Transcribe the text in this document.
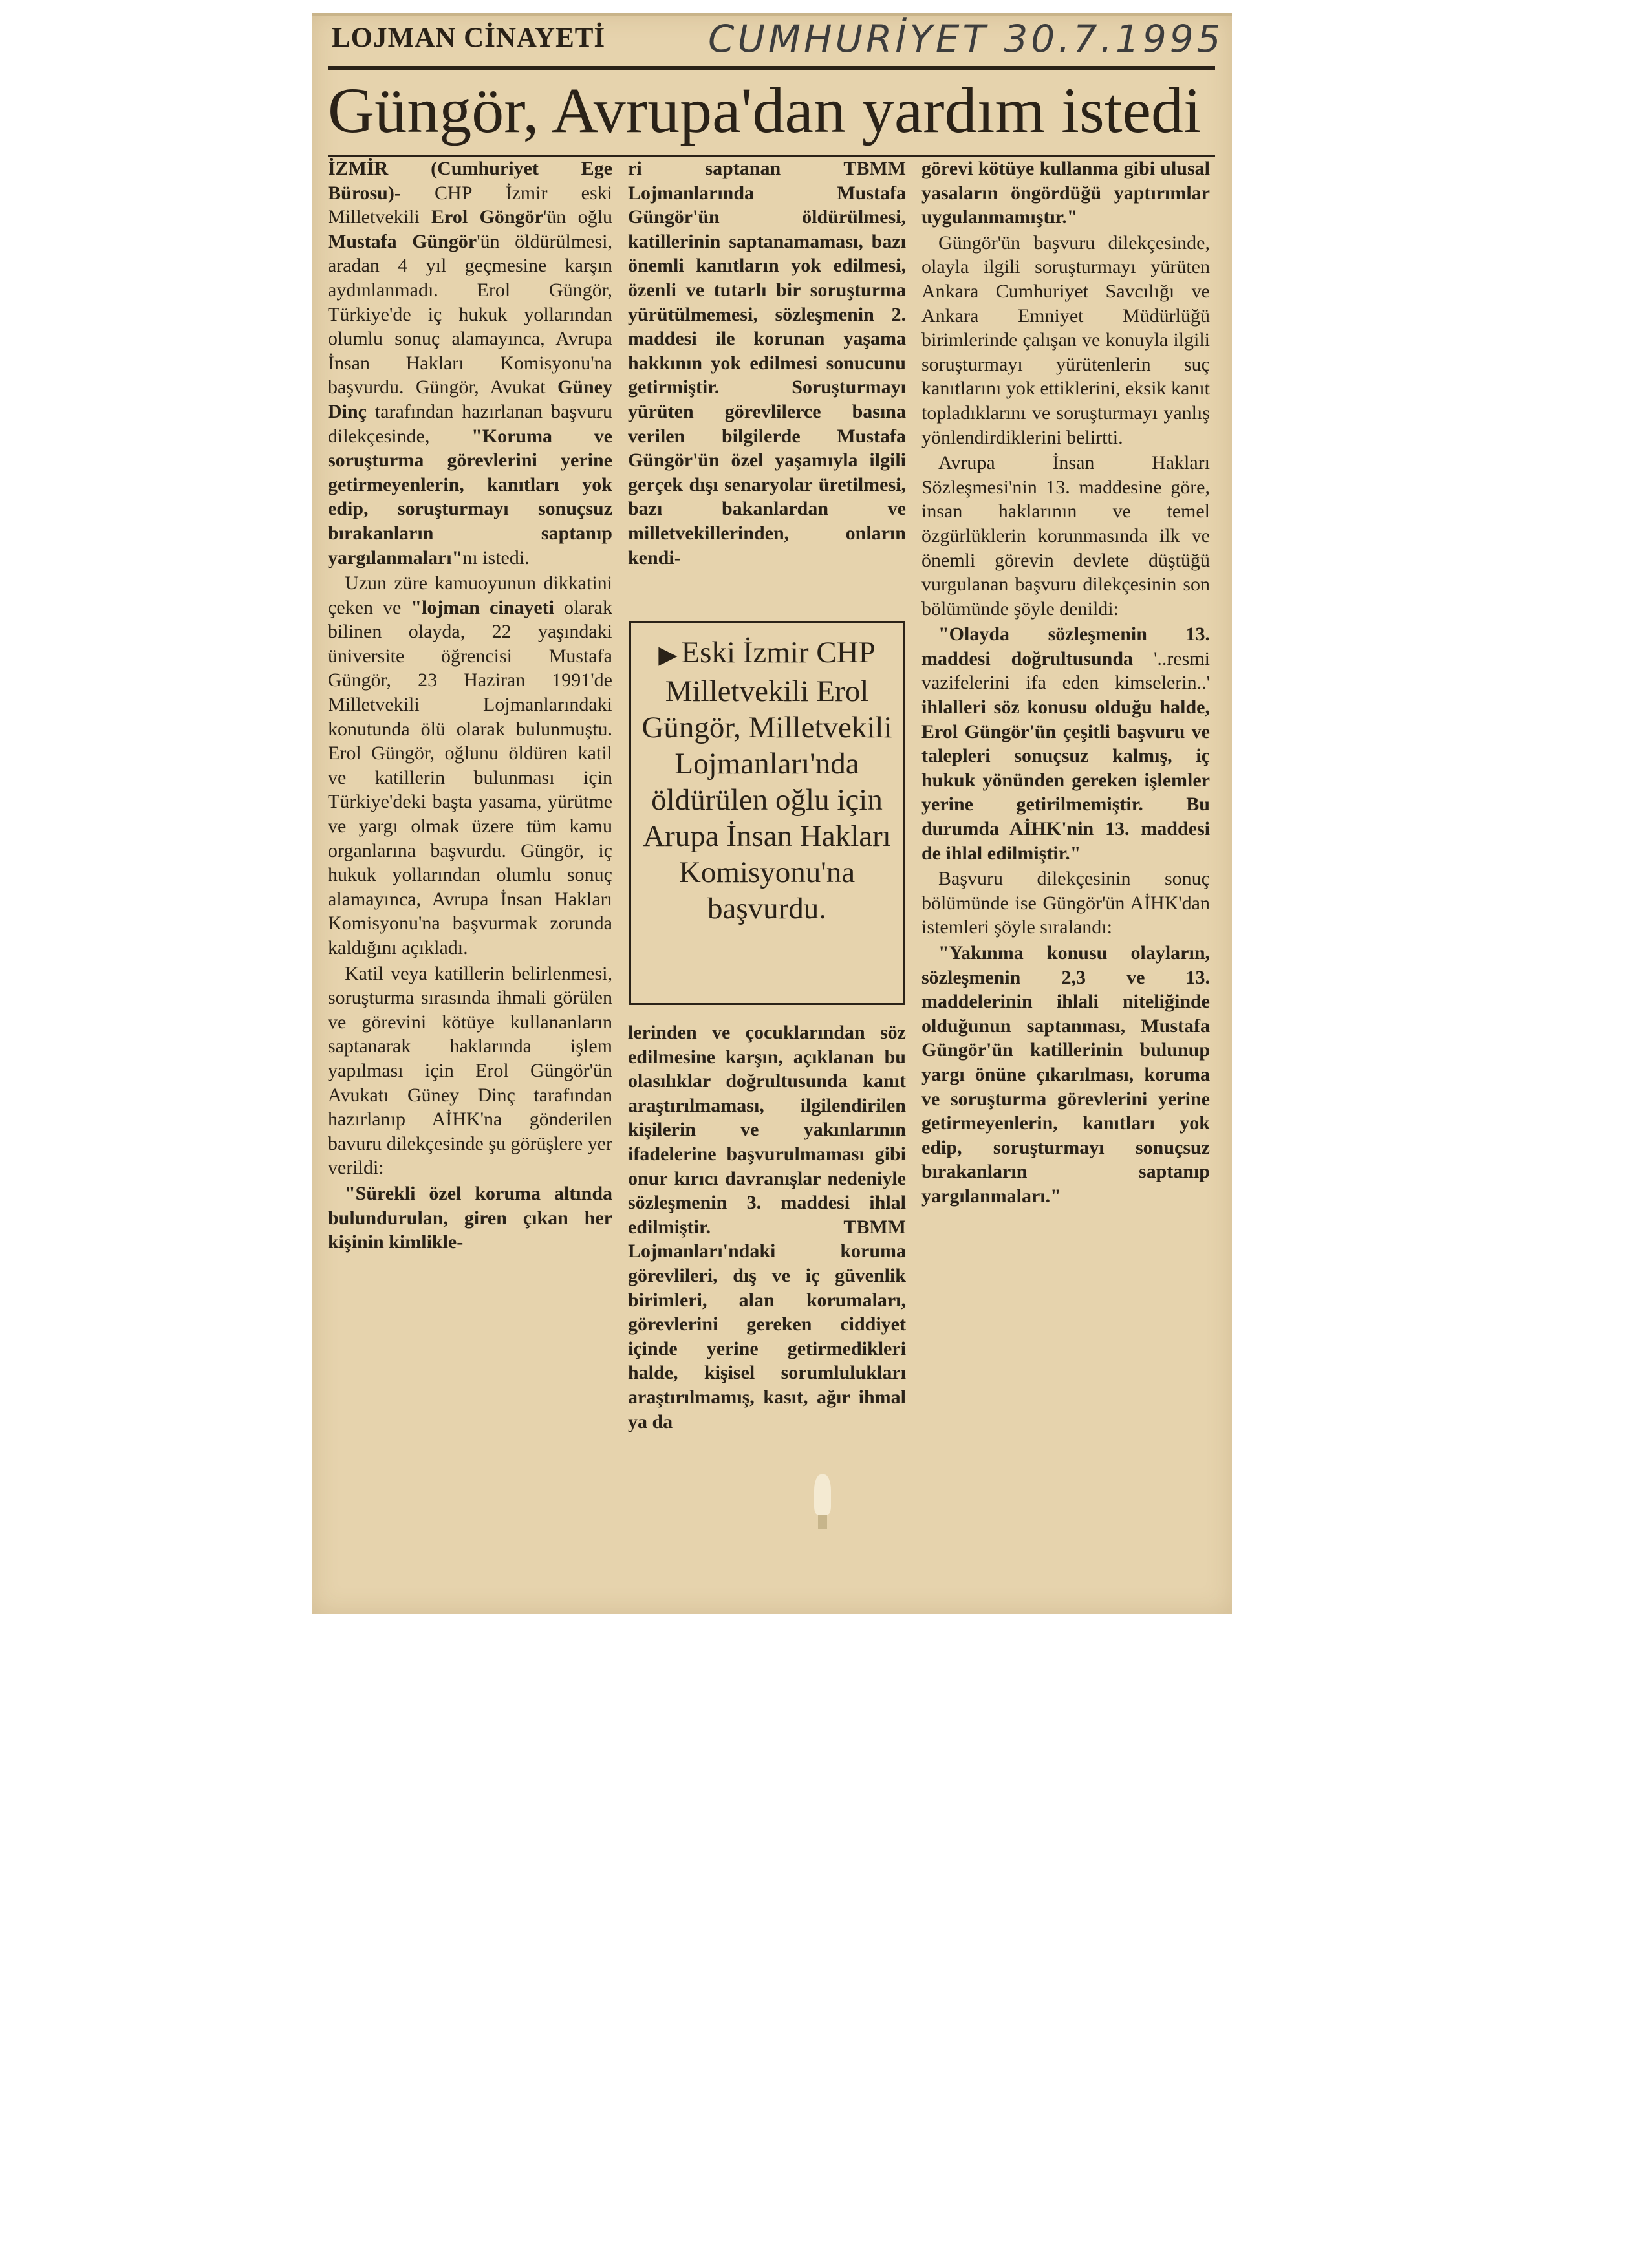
LOJMAN CİNAYETİ	CUMHURİYET 30.7.1995
Güngör, Avrupa'dan yardım istedi

İZMİR (Cumhuriyet Ege Bürosu)- CHP İzmir eski Milletvekili Erol Göngör'ün oğlu Mustafa Güngör'ün öldürülmesi, aradan 4 yıl geçmesine karşın aydınlanmadı. Erol Güngör, Türkiye'de iç hukuk yollarından olumlu sonuç alamayınca, Avrupa İnsan Hakları Komisyonu'na başvurdu. Güngör, Avukat Güney Dinç tarafından hazırlanan başvuru dilekçesinde, "Koruma ve soruşturma görevlerini yerine getirmeyenlerin, kanıtları yok edip, soruşturmayı sonuçsuz bırakanların saptanıp yargılanmaları"nı istedi.

Uzun züre kamuoyunun dikkatini çeken ve "lojman cinayeti olarak bilinen olayda, 22 yaşındaki üniversite öğrencisi Mustafa Güngör, 23 Haziran 1991'de Milletvekili Lojmanlarındaki konutunda ölü olarak bulunmuştu. Erol Güngör, oğlunu öldüren katil ve katillerin bulunması için Türkiye'deki başta yasama, yürütme ve yargı olmak üzere tüm kamu organlarına başvurdu. Güngör, iç hukuk yollarından olumlu sonuç alamayınca, Avrupa İnsan Hakları Komisyonu'na başvurmak zorunda kaldığını açıkladı.

Katil veya katillerin belirlenmesi, soruşturma sırasında ihmali görülen ve görevini kötüye kullananların saptanarak haklarında işlem yapılması için Erol Güngör'ün Avukatı Güney Dinç tarafından hazırlanıp AİHK'na gönderilen bavuru dilekçesinde şu görüşlere yer verildi:

"Sürekli özel koruma altında bulundurulan, giren çıkan her kişinin kimlikle-

ri saptanan TBMM Lojmanlarında Mustafa Güngör'ün öldürülmesi, katillerinin saptanamaması, bazı önemli kanıtların yok edilmesi, özenli ve tutarlı bir soruşturma yürütülmemesi, sözleşmenin 2. maddesi ile korunan yaşama hakkının yok edilmesi sonucunu getirmiştir. Soruşturmayı yürüten görevlilerce basına verilen bilgilerde Mustafa Güngör'ün özel yaşamıyla ilgili gerçek dışı senaryolar üretilmesi, bazı bakanlardan ve milletvekillerinden, onların kendi-

▶ Eski İzmir CHP Milletvekili Erol Güngör, Milletvekili Lojmanları'nda öldürülen oğlu için Arupa İnsan Hakları Komisyonu'na başvurdu.

lerinden ve çocuklarından söz edilmesine karşın, açıklanan bu olasılıklar doğrultusunda kanıt araştırılmaması, ilgilendirilen kişilerin ve yakınlarının ifadelerine başvurulmaması gibi onur kırıcı davranışlar nedeniyle sözleşmenin 3. maddesi ihlal edilmiştir. TBMM Lojmanları'ndaki koruma görevlileri, dış ve iç güvenlik birimleri, alan korumaları, görevlerini gereken ciddiyet içinde yerine getirmedikleri halde, kişisel sorumlulukları araştırılmamış, kasıt, ağır ihmal ya da

görevi kötüye kullanma gibi ulusal yasaların öngördüğü yaptırımlar uygulanmamıştır."

Güngör'ün başvuru dilekçesinde, olayla ilgili soruşturmayı yürüten Ankara Cumhuriyet Savcılığı ve Ankara Emniyet Müdürlüğü birimlerinde çalışan ve konuyla ilgili soruşturmayı yürütenlerin suç kanıtlarını yok ettiklerini, eksik kanıt topladıklarını ve soruşturmayı yanlış yönlendirdiklerini belirtti.

Avrupa İnsan Hakları Sözleşmesi'nin 13. maddesine göre, insan haklarının ve temel özgürlüklerin korunmasında ilk ve önemli görevin devlete düştüğü vurgulanan başvuru dilekçesinin son bölümünde şöyle denildi:

"Olayda sözleşmenin 13. maddesi doğrultusunda '..resmi vazifelerini ifa eden kimselerin..' ihlalleri söz konusu olduğu halde, Erol Güngör'ün çeşitli başvuru ve talepleri sonuçsuz kalmış, iç hukuk yönünden gereken işlemler yerine getirilmemiştir. Bu durumda AİHK'nin 13. maddesi de ihlal edilmiştir."

Başvuru dilekçesinin sonuç bölümünde ise Güngör'ün AİHK'dan istemleri şöyle sıralandı:

"Yakınma konusu olayların, sözleşmenin 2,3 ve 13. maddelerinin ihlali niteliğinde olduğunun saptanması, Mustafa Güngör'ün katillerinin bulunup yargı önüne çıkarılması, koruma ve soruşturma görevlerini yerine getirmeyenlerin, kanıtları yok edip, soruşturmayı sonuçsuz bırakanların saptanıp yargılanmaları."
